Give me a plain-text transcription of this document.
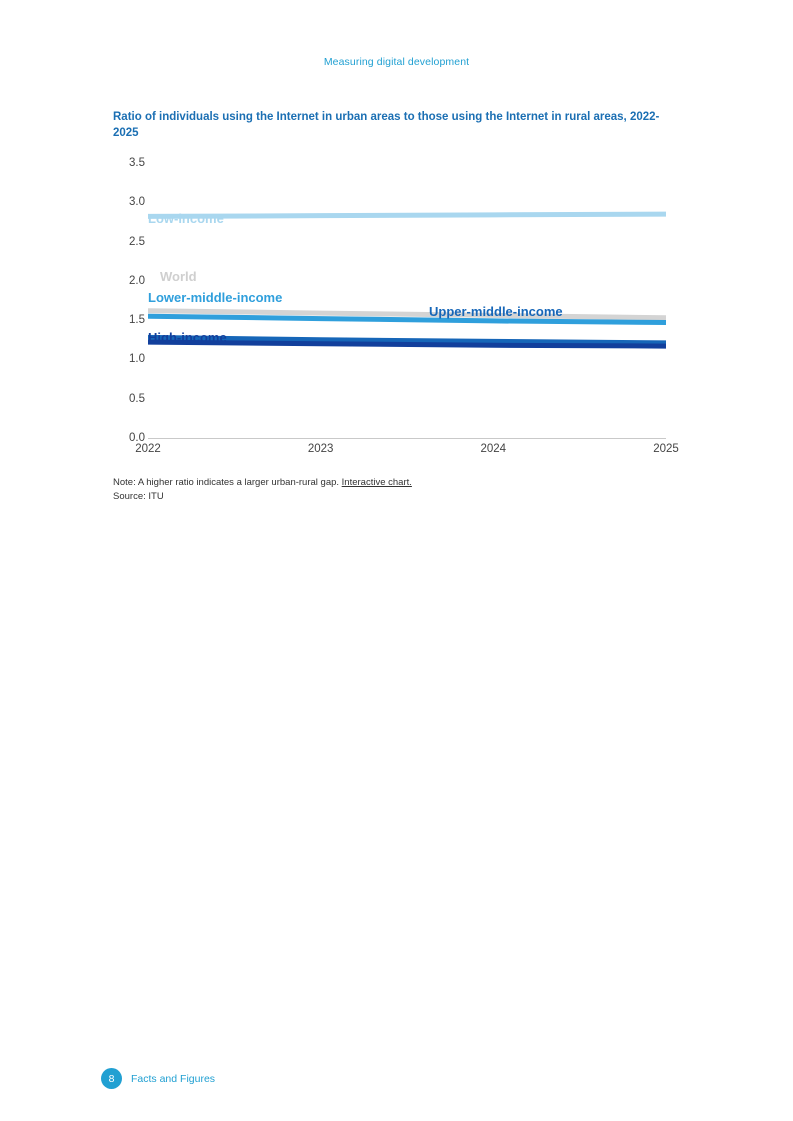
Measuring digital development
Ratio of individuals using the Internet in urban areas to those using the Internet in rural areas, 2022-2025
3.5
3.0
2.5
2.0
1.5
1.0
0.5
0.0
Low-income
World
Lower-middle-income
Upper-middle-income
High-income
2022	2023	2024	2025
Note: A higher ratio indicates a larger urban-rural gap. Interactive chart.
Source: ITU
8	Facts and Figures
